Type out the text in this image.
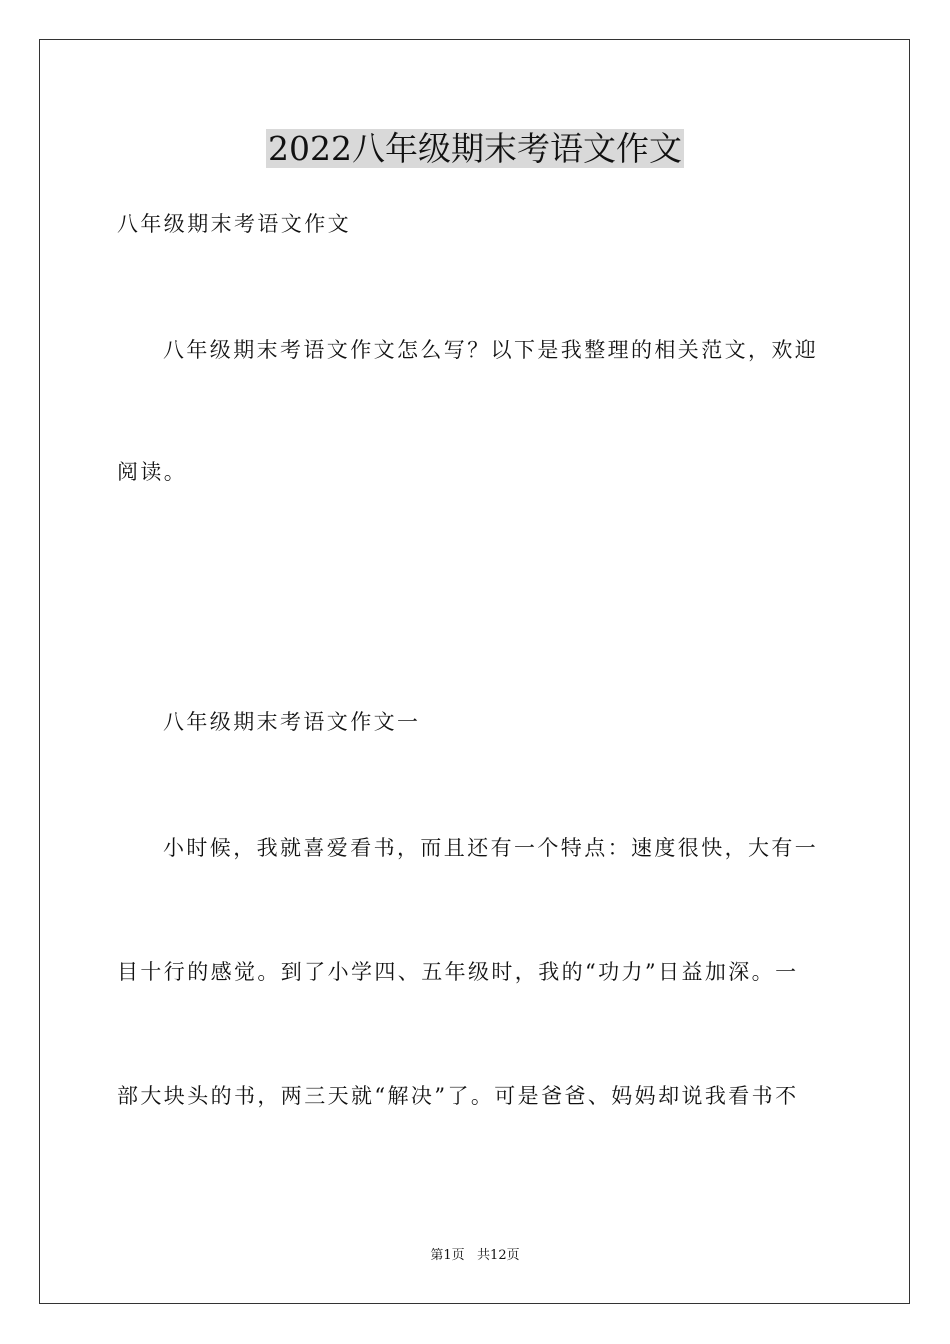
2022八年级期末考语文作文
八年级期末考语文作文
八年级期末考语文作文怎么写？以下是我整理的相关范文，欢迎
阅读。
八年级期末考语文作文一
小时候，我就喜爱看书，而且还有一个特点：速度很快，大有一
目十行的感觉。到了小学四、五年级时，我的“功力”日益加深。一
部大块头的书，两三天就“解决”了。可是爸爸、妈妈却说我看书不
第1页   共12页
